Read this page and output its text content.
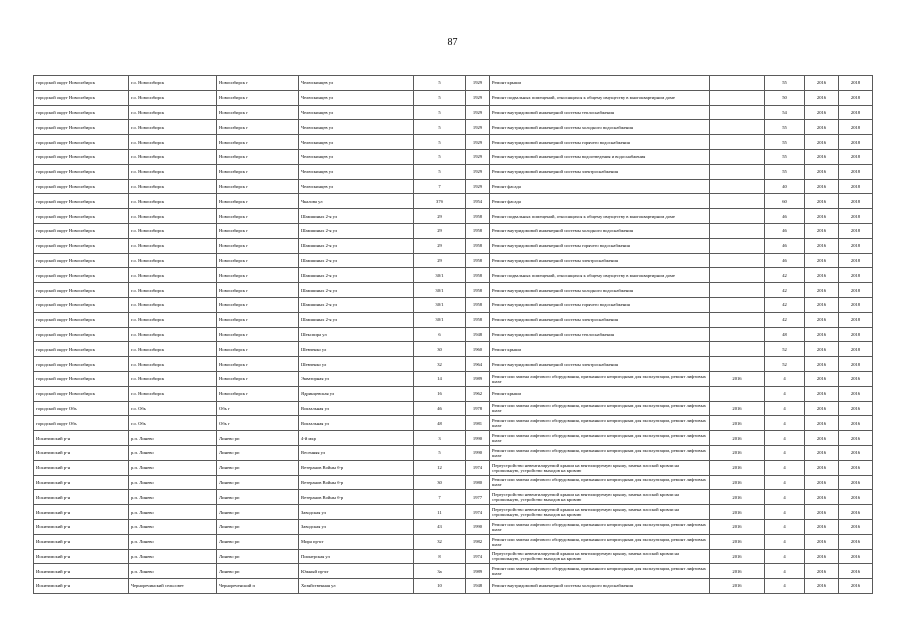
87
городской округ Новосибирск	г.о. Новосибирск	Новосибирск г	Челюскинцев ул	5	1929	Ремонт крыши		55	2016	2018
городской округ Новосибирск	г.о. Новосибирск	Новосибирск г	Челюскинцев ул	5	1929	Ремонт подвальных помещений, относящихся к общему имуществу в многоквартирном доме		50	2016	2018
городской округ Новосибирск	г.о. Новосибирск	Новосибирск г	Челюскинцев ул	5	1929	Ремонт внутридомовой инженерной системы теплоснабжения		54	2016	2018
городской округ Новосибирск	г.о. Новосибирск	Новосибирск г	Челюскинцев ул	5	1929	Ремонт внутридомовой инженерной системы холодного водоснабжения		55	2016	2018
городской округ Новосибирск	г.о. Новосибирск	Новосибирск г	Челюскинцев ул	5	1929	Ремонт внутридомовой инженерной системы горячего водоснабжения		55	2016	2018
городской округ Новосибирск	г.о. Новосибирск	Новосибирск г	Челюскинцев ул	5	1929	Ремонт внутридомовой инженерной системы водоотведения и водоснабжения		55	2016	2018
городской округ Новосибирск	г.о. Новосибирск	Новосибирск г	Челюскинцев ул	5	1929	Ремонт внутридомовой инженерной системы электроснабжения		55	2016	2018
городской округ Новосибирск	г.о. Новосибирск	Новосибирск г	Челюскинцев ул	7	1929	Ремонт фасада		40	2016	2018
городской округ Новосибирск	г.о. Новосибирск	Новосибирск г	Чкалова ул	37б	1954	Ремонт фасада		60	2016	2018
городской округ Новосибирск	г.о. Новосибирск	Новосибирск г	Шамшиных 2-я ул	29	1958	Ремонт подвальных помещений, относящихся к общему имуществу в многоквартирном доме		46	2016	2018
городской округ Новосибирск	г.о. Новосибирск	Новосибирск г	Шамшиных 2-я ул	29	1958	Ремонт внутридомовой инженерной системы холодного водоснабжения		46	2016	2018
городской округ Новосибирск	г.о. Новосибирск	Новосибирск г	Шамшиных 2-я ул	29	1958	Ремонт внутридомовой инженерной системы горячего водоснабжения		46	2016	2018
городской округ Новосибирск	г.о. Новосибирск	Новосибирск г	Шамшиных 2-я ул	29	1958	Ремонт внутридомовой инженерной системы электроснабжения		46	2016	2018
городской округ Новосибирск	г.о. Новосибирск	Новосибирск г	Шамшиных 2-я ул	30/1	1958	Ремонт подвальных помещений, относящихся к общему имуществу в многоквартирном доме		42	2016	2018
городской округ Новосибирск	г.о. Новосибирск	Новосибирск г	Шамшиных 2-я ул	30/1	1958	Ремонт внутридомовой инженерной системы холодного водоснабжения		42	2016	2018
городской округ Новосибирск	г.о. Новосибирск	Новосибирск г	Шамшиных 2-я ул	30/1	1958	Ремонт внутридомовой инженерной системы горячего водоснабжения		42	2016	2018
городской округ Новосибирск	г.о. Новосибирск	Новосибирск г	Шамшиных 2-я ул	30/1	1958	Ремонт внутридомовой инженерной системы электроснабжения		42	2016	2018
городской округ Новосибирск	г.о. Новосибирск	Новосибирск г	Шекспира ул	6	1948	Ремонт внутридомовой инженерной системы теплоснабжения		48	2016	2018
городской округ Новосибирск	г.о. Новосибирск	Новосибирск г	Шевченко ул	30	1960	Ремонт крыши		52	2016	2018
городской округ Новосибирск	г.о. Новосибирск	Новосибирск г	Шевченко ул	32	1964	Ремонт внутридомовой инженерной системы электроснабжения		52	2016	2018
городской округ Новосибирск	г.о. Новосибирск	Новосибирск г	Экваторная ул	14	1989	Ремонт или замена лифтового оборудования, признанного непригодным для эксплуатации, ремонт лифтовых шахт	2016	4	2016	2016
городской округ Новосибирск	г.о. Новосибирск	Новосибирск г	Ядринцевская ул	16	1962	Ремонт крыши		4	2016	2016
городской округ Обь	г.о. Обь	Обь г	Вокзальная ул	46	1978	Ремонт или замена лифтового оборудования, признанного непригодным для эксплуатации, ремонт лифтовых шахт	2016	4	2016	2016
городской округ Обь	г.о. Обь	Обь г	Вокзальная ул	48	1981	Ремонт или замена лифтового оборудования, признанного непригодным для эксплуатации, ремонт лифтовых шахт	2016	4	2016	2016
Искитимский р-н	р.п. Линево	Линево рп	4-й мкр	3	1990	Ремонт или замена лифтового оборудования, признанного непригодным для эксплуатации, ремонт лифтовых шахт	2016	4	2016	2016
Искитимский р-н	р.п. Линево	Линево рп	Весенняя ул	5	1990	Ремонт или замена лифтового оборудования, признанного непригодным для эксплуатации, ремонт лифтовых шахт	2016	4	2016	2016
Искитимский р-н	р.п. Линево	Линево рп	Ветеранов Войны б-р	12	1974	Переустройство невентилируемой крыши на вентилируемую крышу, замена плоской кровли на стропильную, устройство выходов на кровлю	2016	4	2016	2016
Искитимский р-н	р.п. Линево	Линево рп	Ветеранов Войны б-р	30	1980	Ремонт или замена лифтового оборудования, признанного непригодным для эксплуатации, ремонт лифтовых шахт	2016	4	2016	2016
Искитимский р-н	р.п. Линево	Линево рп	Ветеранов Войны б-р	7	1977	Переустройство невентилируемой крыши на вентилируемую крышу, замена плоской кровли на стропильную, устройство выходов на кровлю	2016	4	2016	2016
Искитимский р-н	р.п. Линево	Линево рп	Заводская ул	11	1974	Переустройство невентилируемой крыши на вентилируемую крышу, замена плоской кровли на стропильную, устройство выходов на кровлю	2016	4	2016	2016
Искитимский р-н	р.п. Линево	Линево рп	Заводская ул	43	1990	Ремонт или замена лифтового оборудования, признанного непригодным для эксплуатации, ремонт лифтовых шахт	2016	4	2016	2016
Искитимский р-н	р.п. Линево	Линево рп	Мира пр-кт	32	1982	Ремонт или замена лифтового оборудования, признанного непригодным для эксплуатации, ремонт лифтовых шахт	2016	4	2016	2016
Искитимский р-н	р.п. Линево	Линево рп	Пионерская ул	8	1974	Переустройство невентилируемой крыши на вентилируемую крышу, замена плоской кровли на стропильную, устройство выходов на кровлю	2016	4	2016	2016
Искитимский р-н	р.п. Линево	Линево рп	Южный пр-кт	3а	1989	Ремонт или замена лифтового оборудования, признанного непригодным для эксплуатации, ремонт лифтовых шахт	2016	4	2016	2016
Искитимский р-н	Черноречинский сельсовет	Чернореченский п	Хозяйственная ул	10	1948	Ремонт внутридомовой инженерной системы холодного водоснабжения	2016	4	2016	2016
